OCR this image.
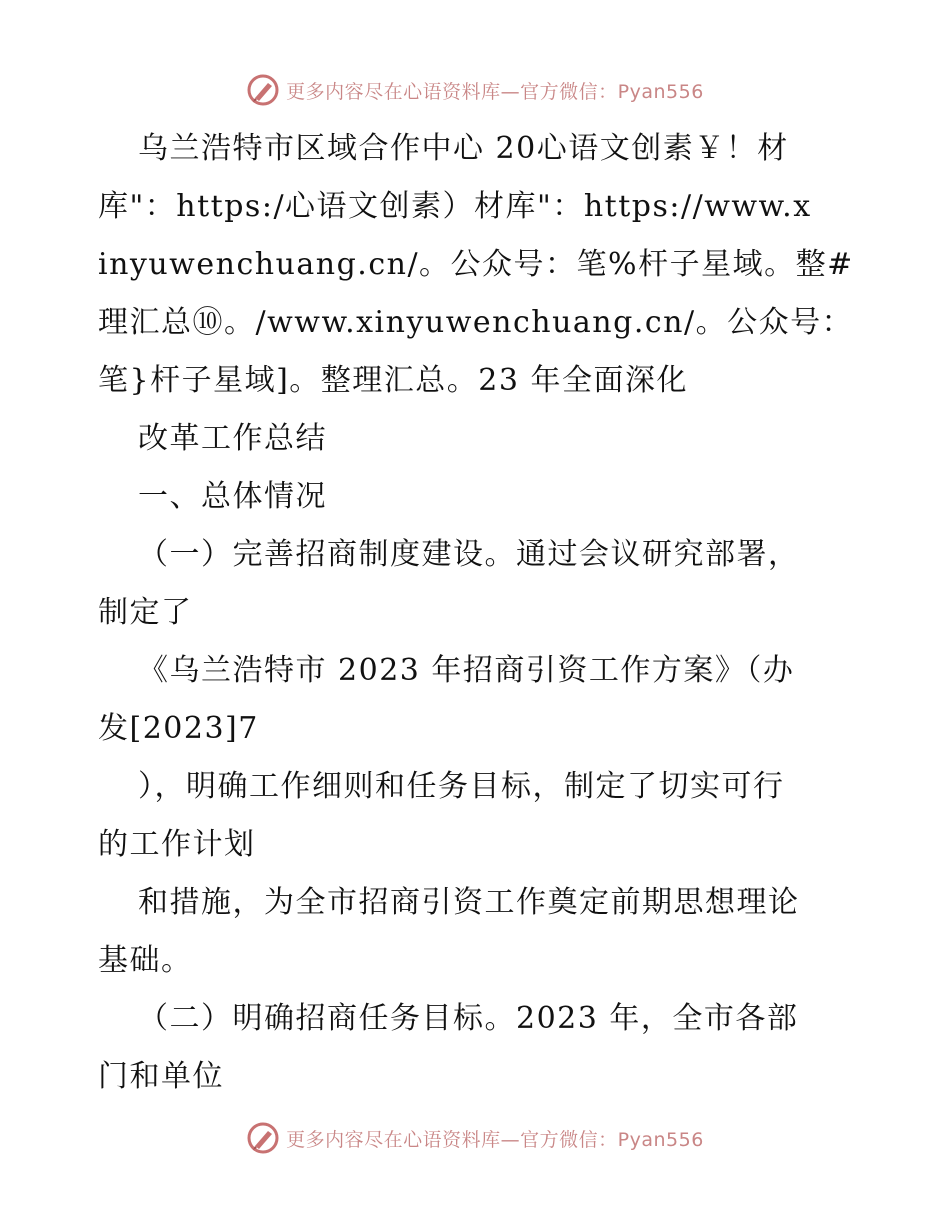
更多内容尽在心语资料库—官方微信：Pyan556
乌兰浩特市区域合作中心 20心语文创素￥！材
库"：https:/心语文创素）材库"：https://www.x
inyuwenchuang.cn/。公众号：笔%杆子星域。整#
理汇总⑩。/www.xinyuwenchuang.cn/。公众号：
笔}杆子星域]。整理汇总。23 年全面深化
改革工作总结
一、总体情况
（一）完善招商制度建设。通过会议研究部署，
制定了
《乌兰浩特市 2023 年招商引资工作方案》（办
发[2023]7
），明确工作细则和任务目标，制定了切实可行
的工作计划
和措施，为全市招商引资工作奠定前期思想理论
基础。
（二）明确招商任务目标。2023 年，全市各部
门和单位
更多内容尽在心语资料库—官方微信：Pyan556
